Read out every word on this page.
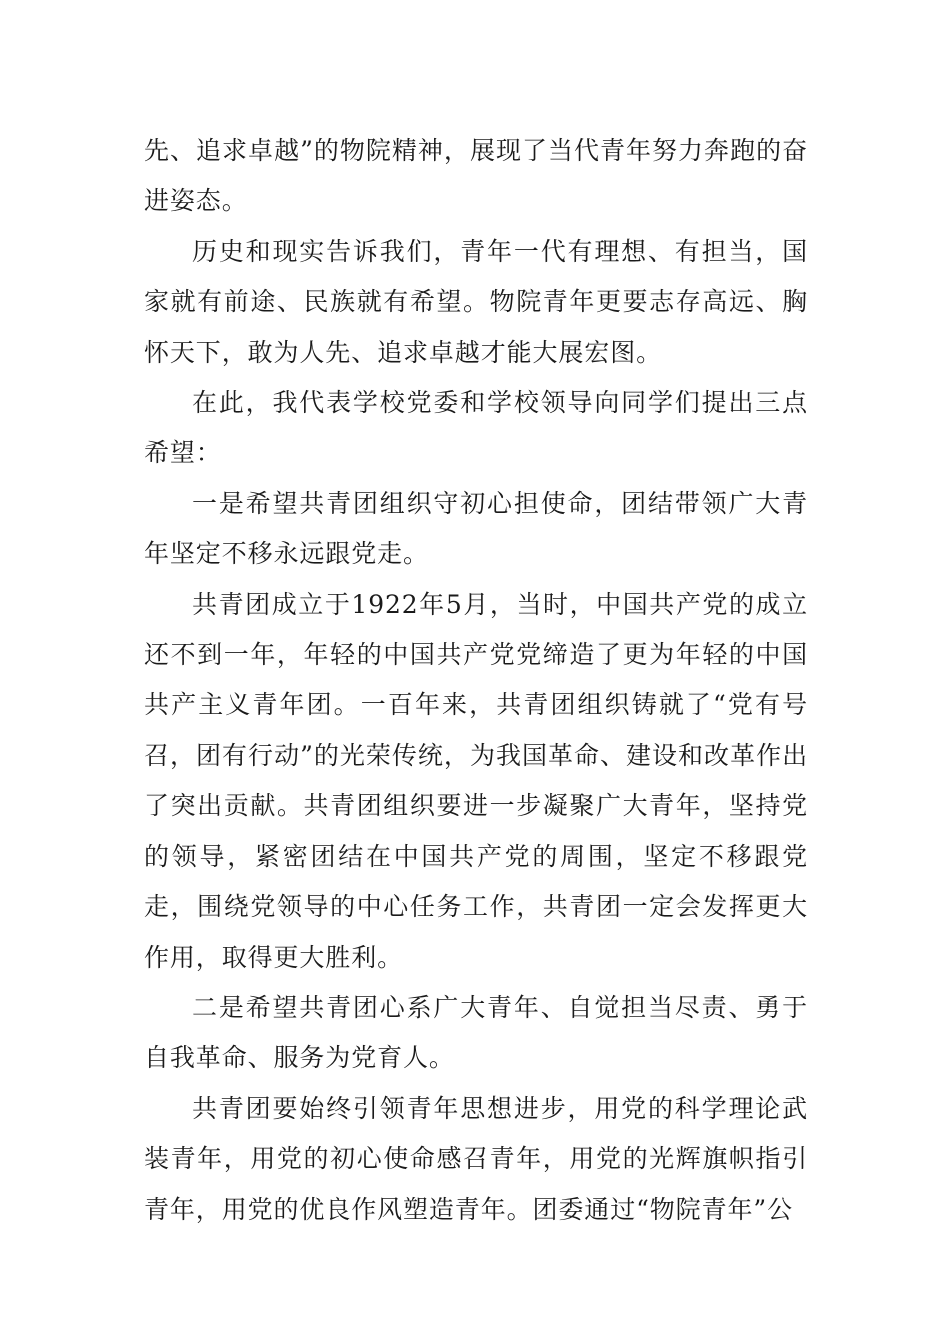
先、追求卓越”的物院精神，展现了当代青年努力奔跑的奋进姿态。

历史和现实告诉我们，青年一代有理想、有担当，国家就有前途、民族就有希望。物院青年更要志存高远、胸怀天下，敢为人先、追求卓越才能大展宏图。

在此，我代表学校党委和学校领导向同学们提出三点希望：

一是希望共青团组织守初心担使命，团结带领广大青年坚定不移永远跟党走。

共青团成立于1922年5月，当时，中国共产党的成立还不到一年，年轻的中国共产党党缔造了更为年轻的中国共产主义青年团。一百年来，共青团组织铸就了“党有号召，团有行动”的光荣传统，为我国革命、建设和改革作出了突出贡献。共青团组织要进一步凝聚广大青年，坚持党的领导，紧密团结在中国共产党的周围，坚定不移跟党走，围绕党领导的中心任务工作，共青团一定会发挥更大作用，取得更大胜利。

二是希望共青团心系广大青年、自觉担当尽责、勇于自我革命、服务为党育人。

共青团要始终引领青年思想进步，用党的科学理论武装青年，用党的初心使命感召青年，用党的光辉旗帜指引青年，用党的优良作风塑造青年。团委通过“物院青年”公
